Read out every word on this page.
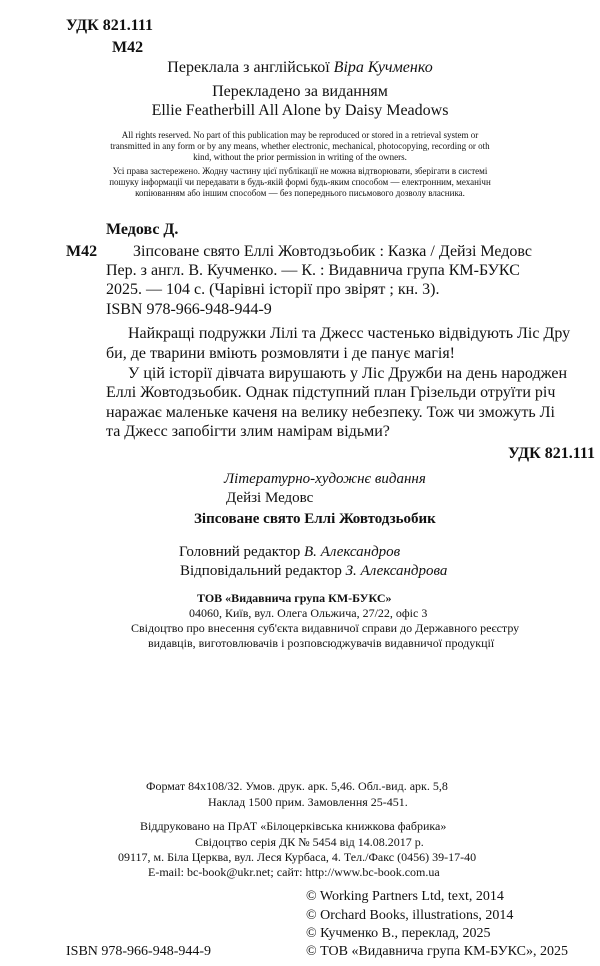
УДК 821.111
M42
Переклала з англійської Віра Кучменко
Перекладено за виданням
Ellie Featherbill All Alone by Daisy Meadows
All rights reserved. No part of this publication may be reproduced or stored in a retrieval system or
transmitted in any form or by any means, whether electronic, mechanical, photocopying, recording or oth
kind, without the prior permission in writing of the owners.
Усі права застережено. Жодну частину цієї публікації не можна відтворювати, зберігати в системі
пошуку інформації чи передавати в будь-якій формі будь-яким способом — електронним, механічн
копіюванням або іншим способом — без попереднього письмового дозволу власника.
Медовс Д.
M42 Зіпсоване свято Еллі Жовтодзьобик : Казка / Дейзі Медовс
Пер. з англ. В. Кучменко. — К. : Видавнича група КМ-БУКС
2025. — 104 с. (Чарівні історії про звірят ; кн. 3).
ISBN 978-966-948-944-9
Найкращі подружки Лілі та Джесс частенько відвідують Ліс Дру
би, де тварини вміють розмовляти і де панує магія!
У цій історії дівчата вирушають у Ліс Дружби на день народжен
Еллі Жовтодзьобик. Однак підступний план Грізельди отруїти річ
наражає маленьке каченя на велику небезпеку. Тож чи зможуть Лі
та Джесс запобігти злим намірам відьми?
УДК 821.111
Літературно-художнє видання
Дейзі Медовс
Зіпсоване свято Еллі Жовтодзьобик
Головний редактор В. Александров
Відповідальний редактор З. Александрова
ТОВ «Видавнича група КМ-БУКС»
04060, Київ, вул. Олега Ольжича, 27/22, офіс 3
Свідоцтво про внесення суб'єкта видавничої справи до Державного реєстру
видавців, виготовлювачів і розповсюджувачів видавничої продукції
Формат 84х108/32. Умов. друк. арк. 5,46. Обл.-вид. арк. 5,8
Наклад 1500 прим. Замовлення 25-451.
Віддруковано на ПрАТ «Білоцерківська книжкова фабрика»
Свідоцтво серія ДК № 5454 від 14.08.2017 р.
09117, м. Біла Церква, вул. Леся Курбаса, 4. Тел./Факс (0456) 39-17-40
E-mail: bc-book@ukr.net; сайт: http://www.bc-book.com.ua
© Working Partners Ltd, text, 2014
© Orchard Books, illustrations, 2014
© Кучменко В., переклад, 2025
© ТОВ «Видавнича група КМ-БУКС», 2025
ISBN 978-966-948-944-9
